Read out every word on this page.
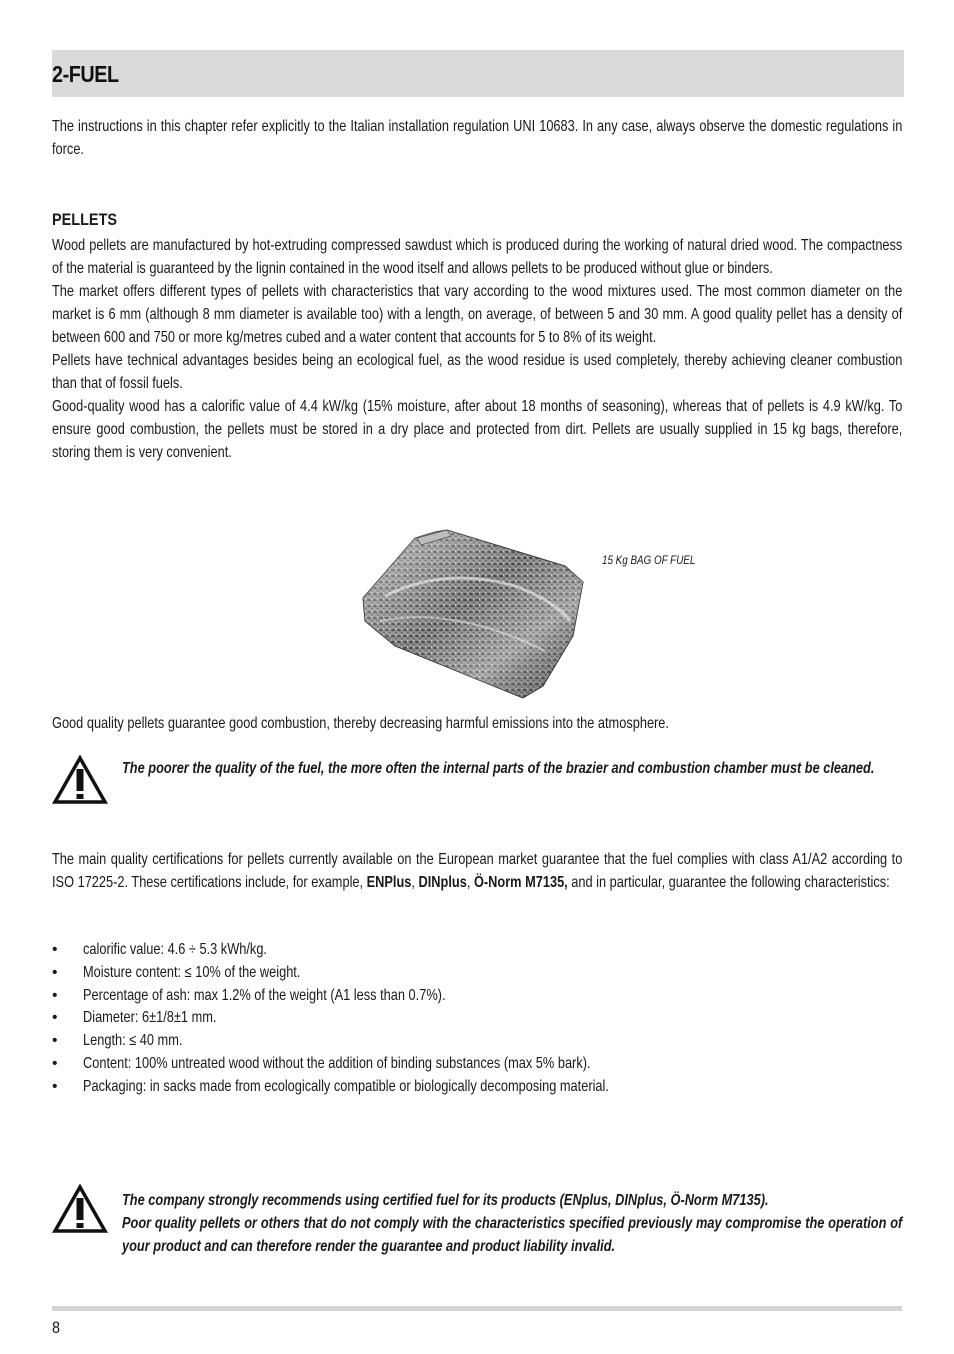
2-FUEL
The instructions in this chapter refer explicitly to the Italian installation regulation UNI 10683. In any case, always observe the domestic regulations in force.
PELLETS
Wood pellets are manufactured by hot-extruding compressed sawdust which is produced during the working of natural dried wood. The compactness of the material is guaranteed by the lignin contained in the wood itself and allows pellets to be produced without glue or binders.
The market offers different types of pellets with characteristics that vary according to the wood mixtures used. The most common diameter on the market is 6 mm (although 8 mm diameter is available too) with a length, on average, of between 5 and 30 mm. A good quality pellet has a density of between 600 and 750 or more kg/metres cubed and a water content that accounts for 5 to 8% of its weight.
Pellets have technical advantages besides being an ecological fuel, as the wood residue is used completely, thereby achieving cleaner combustion than that of fossil fuels.
Good-quality wood has a calorific value of 4.4 kW/kg (15% moisture, after about 18 months of seasoning), whereas that of pellets is 4.9 kW/kg. To ensure good combustion, the pellets must be stored in a dry place and protected from dirt. Pellets are usually supplied in 15 kg bags, therefore, storing them is very convenient.
15 Kg BAG OF FUEL
Good quality pellets guarantee good combustion, thereby decreasing harmful emissions into the atmosphere.
The poorer the quality of the fuel, the more often the internal parts of the brazier and combustion chamber must be cleaned.
The main quality certifications for pellets currently available on the European market guarantee that the fuel complies with class A1/A2 according to ISO 17225-2. These certifications include, for example, ENPlus, DINplus, Ö-Norm M7135, and in particular, guarantee the following characteristics:
• calorific value: 4.6 ÷ 5.3 kWh/kg.
• Moisture content: ≤ 10% of the weight.
• Percentage of ash: max 1.2% of the weight (A1 less than 0.7%).
• Diameter: 6±1/8±1 mm.
• Length: ≤ 40 mm.
• Content: 100% untreated wood without the addition of binding substances (max 5% bark).
• Packaging: in sacks made from ecologically compatible or biologically decomposing material.
The company strongly recommends using certified fuel for its products (ENplus, DINplus, Ö-Norm M7135).
Poor quality pellets or others that do not comply with the characteristics specified previously may compromise the operation of your product and can therefore render the guarantee and product liability invalid.
8
